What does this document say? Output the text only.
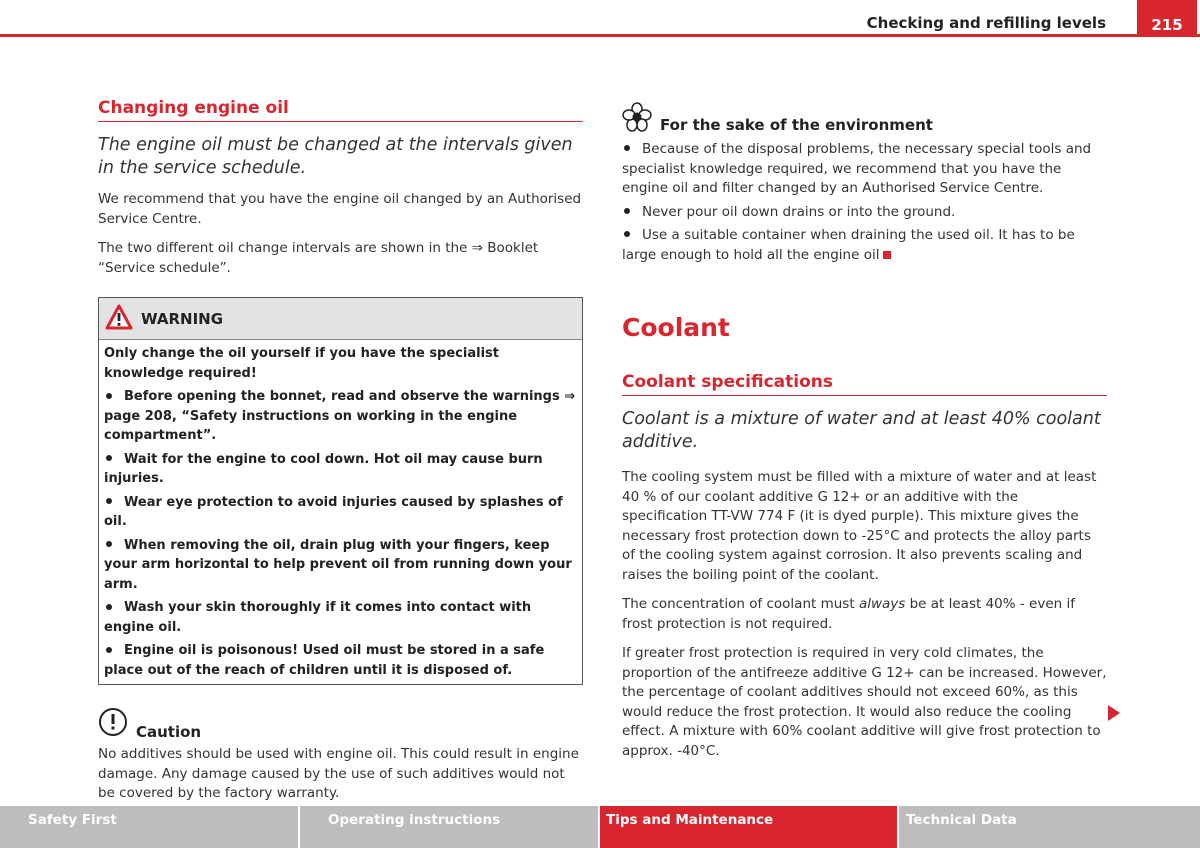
Checking and refilling levels	215
Changing engine oil
The engine oil must be changed at the intervals given in the service schedule.

We recommend that you have the engine oil changed by an Authorised Service Centre.

The two different oil change intervals are shown in the ⇒ Booklet “Service schedule”.

WARNING
Only change the oil yourself if you have the specialist knowledge required!
Before opening the bonnet, read and observe the warnings ⇒ page 208, “Safety instructions on working in the engine compartment”.
Wait for the engine to cool down. Hot oil may cause burn injuries.
Wear eye protection to avoid injuries caused by splashes of oil.
When removing the oil, drain plug with your fingers, keep your arm horizontal to help prevent oil from running down your arm.
Wash your skin thoroughly if it comes into contact with engine oil.
Engine oil is poisonous! Used oil must be stored in a safe place out of the reach of children until it is disposed of.
Caution

No additives should be used with engine oil. This could result in engine damage. Any damage caused by the use of such additives would not be covered by the factory warranty.

For the sake of the environment
Because of the disposal problems, the necessary special tools and specialist knowledge required, we recommend that you have the engine oil and filter changed by an Authorised Service Centre.
Never pour oil down drains or into the ground.
Use a suitable container when draining the used oil. It has to be large enough to hold all the engine oil
Coolant
Coolant specifications
Coolant is a mixture of water and at least 40% coolant additive.

The cooling system must be filled with a mixture of water and at least 40 % of our coolant additive G 12+ or an additive with the specification TT-VW 774 F (it is dyed purple). This mixture gives the necessary frost protection down to -25°C and protects the alloy parts of the cooling system against corrosion. It also prevents scaling and raises the boiling point of the coolant.

The concentration of coolant must always be at least 40% - even if frost protection is not required.

If greater frost protection is required in very cold climates, the proportion of the antifreeze additive G 12+ can be increased. However, the percentage of coolant additives should not exceed 60%, as this would reduce the frost protection. It would also reduce the cooling effect. A mixture with 60% coolant additive will give frost protection to approx. -40°C.

Safety First	Operating instructions	Tips and Maintenance	Technical Data
